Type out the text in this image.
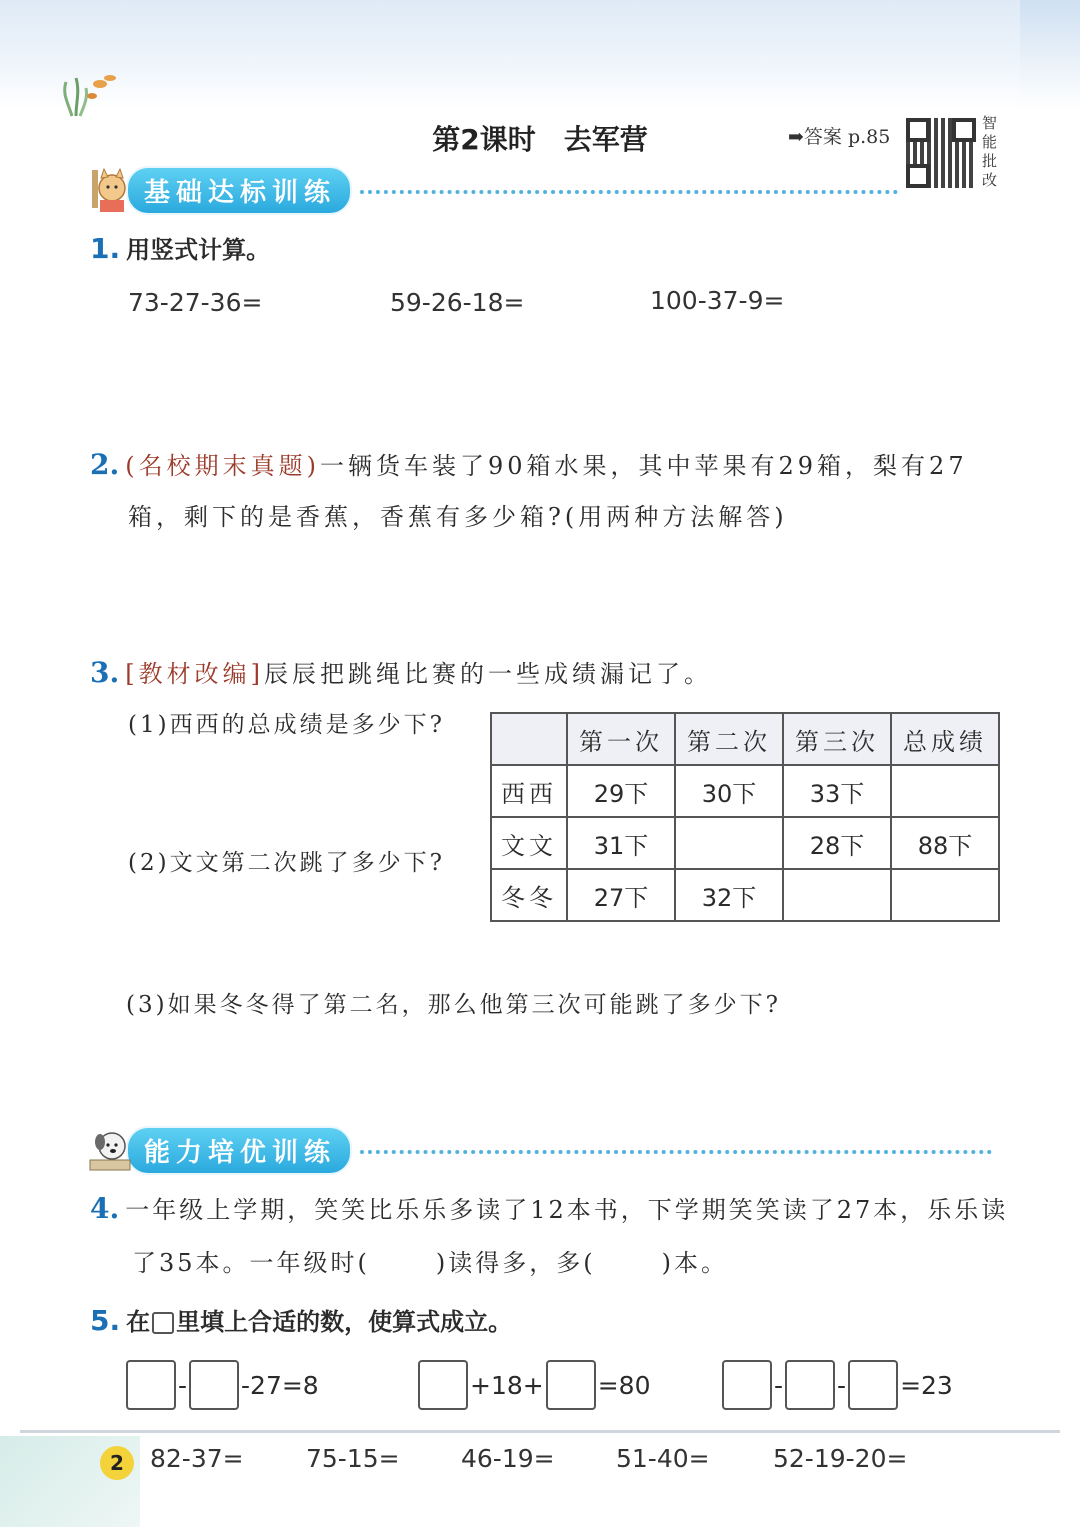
第2课时 去军营	➡答案 p.85
智
能
批
改
基础达标训练
1. 用竖式计算。
73-27-36=	59-26-18=	100-37-9=
2. (名校期末真题)一辆货车装了90箱水果，其中苹果有29箱，梨有27
箱，剩下的是香蕉，香蕉有多少箱?(用两种方法解答)
3. [教材改编]辰辰把跳绳比赛的一些成绩漏记了。
(1)西西的总成绩是多少下?
(2)文文第二次跳了多少下?
	第一次	第二次	第三次	总成绩
西西	29下	30下	33下	
文文	31下		28下	88下
冬冬	27下	32下		
(3)如果冬冬得了第二名，那么他第三次可能跳了多少下?
能力培优训练
4. 一年级上学期，笑笑比乐乐多读了12本书，下学期笑笑读了27本，乐乐读
了35本。一年级时(	)读得多，多(	)本。
5. 在 里填上合适的数，使算式成立。
- -27=8	+18+ =80	- - =23
2	82-37= 75-15= 46-19= 51-40=	52-19-20=
